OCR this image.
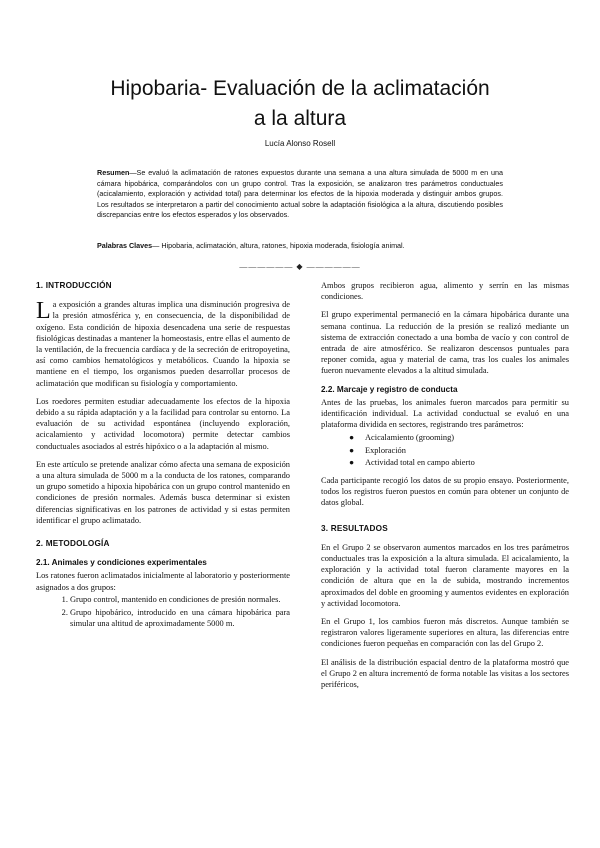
Hipobaria- Evaluación de la aclimatación
a la altura
Lucía Alonso Rosell

Resumen—Se evaluó la aclimatación de ratones expuestos durante una semana a una altura simulada de 5000 m en una cámara hipobárica, comparándolos con un grupo control. Tras la exposición, se analizaron tres parámetros conductuales (acicalamiento, exploración y actividad total) para determinar los efectos de la hipoxia moderada y distinguir ambos grupos. Los resultados se interpretaron a partir del conocimiento actual sobre la adaptación fisiológica a la altura, discutiendo posibles discrepancias entre los efectos esperados y los observados.

Palabras Claves— Hipobaria, aclimatación, altura, ratones, hipoxia moderada, fisiología animal.

—————— ◆ ——————
1. INTRODUCCIÓN

La exposición a grandes alturas implica una disminución progresiva de la presión atmosférica y, en consecuencia, de la disponibilidad de oxígeno. Esta condición de hipoxia desencadena una serie de respuestas fisiológicas destinadas a mantener la homeostasis, entre ellas el aumento de la ventilación, de la frecuencia cardíaca y de la secreción de eritropoyetina, así como cambios hematológicos y metabólicos. Cuando la hipoxia se mantiene en el tiempo, los organismos pueden desarrollar procesos de aclimatación que modifican su fisiología y comportamiento.

Los roedores permiten estudiar adecuadamente los efectos de la hipoxia debido a su rápida adaptación y a la facilidad para controlar su entorno. La evaluación de su actividad espontánea (incluyendo exploración, acicalamiento y actividad locomotora) permite detectar cambios conductuales asociados al estrés hipóxico o a la adaptación al mismo.

En este artículo se pretende analizar cómo afecta una semana de exposición a una altura simulada de 5000 m a la conducta de los ratones, comparando un grupo sometido a hipoxia hipobárica con un grupo control mantenido en condiciones de presión normales. Además busca determinar si existen diferencias significativas en los patrones de actividad y si estas permiten identificar el grupo aclimatado.

2. METODOLOGÍA
2.1. Animales y condiciones experimentales

Los ratones fueron aclimatados inicialmente al laboratorio y posteriormente asignados a dos grupos:

1. Grupo control, mantenido en condiciones de presión normales.
2. Grupo hipobárico, introducido en una cámara hipobárica para simular una altitud de aproximadamente 5000 m.

Ambos grupos recibieron agua, alimento y serrín en las mismas condiciones.

El grupo experimental permaneció en la cámara hipobárica durante una semana continua. La reducción de la presión se realizó mediante un sistema de extracción conectado a una bomba de vacío y con control de entrada de aire atmosférico. Se realizaron descensos puntuales para reponer comida, agua y material de cama, tras los cuales los animales fueron nuevamente elevados a la altitud simulada.

2.2. Marcaje y registro de conducta

Antes de las pruebas, los animales fueron marcados para permitir su identificación individual. La actividad conductual se evaluó en una plataforma dividida en sectores, registrando tres parámetros:

● Acicalamiento (grooming)
● Exploración
● Actividad total en campo abierto

Cada participante recogió los datos de su propio ensayo. Posteriormente, todos los registros fueron puestos en común para obtener un conjunto de datos global.

3. RESULTADOS

En el Grupo 2 se observaron aumentos marcados en los tres parámetros conductuales tras la exposición a la altura simulada. El acicalamiento, la exploración y la actividad total fueron claramente mayores en la condición de altura que en la de subida, mostrando incrementos aproximados del doble en grooming y aumentos evidentes en exploración y actividad locomotora.

En el Grupo 1, los cambios fueron más discretos. Aunque también se registraron valores ligeramente superiores en altura, las diferencias entre condiciones fueron pequeñas en comparación con las del Grupo 2.

El análisis de la distribución espacial dentro de la plataforma mostró que el Grupo 2 en altura incrementó de forma notable las visitas a los sectores periféricos,
